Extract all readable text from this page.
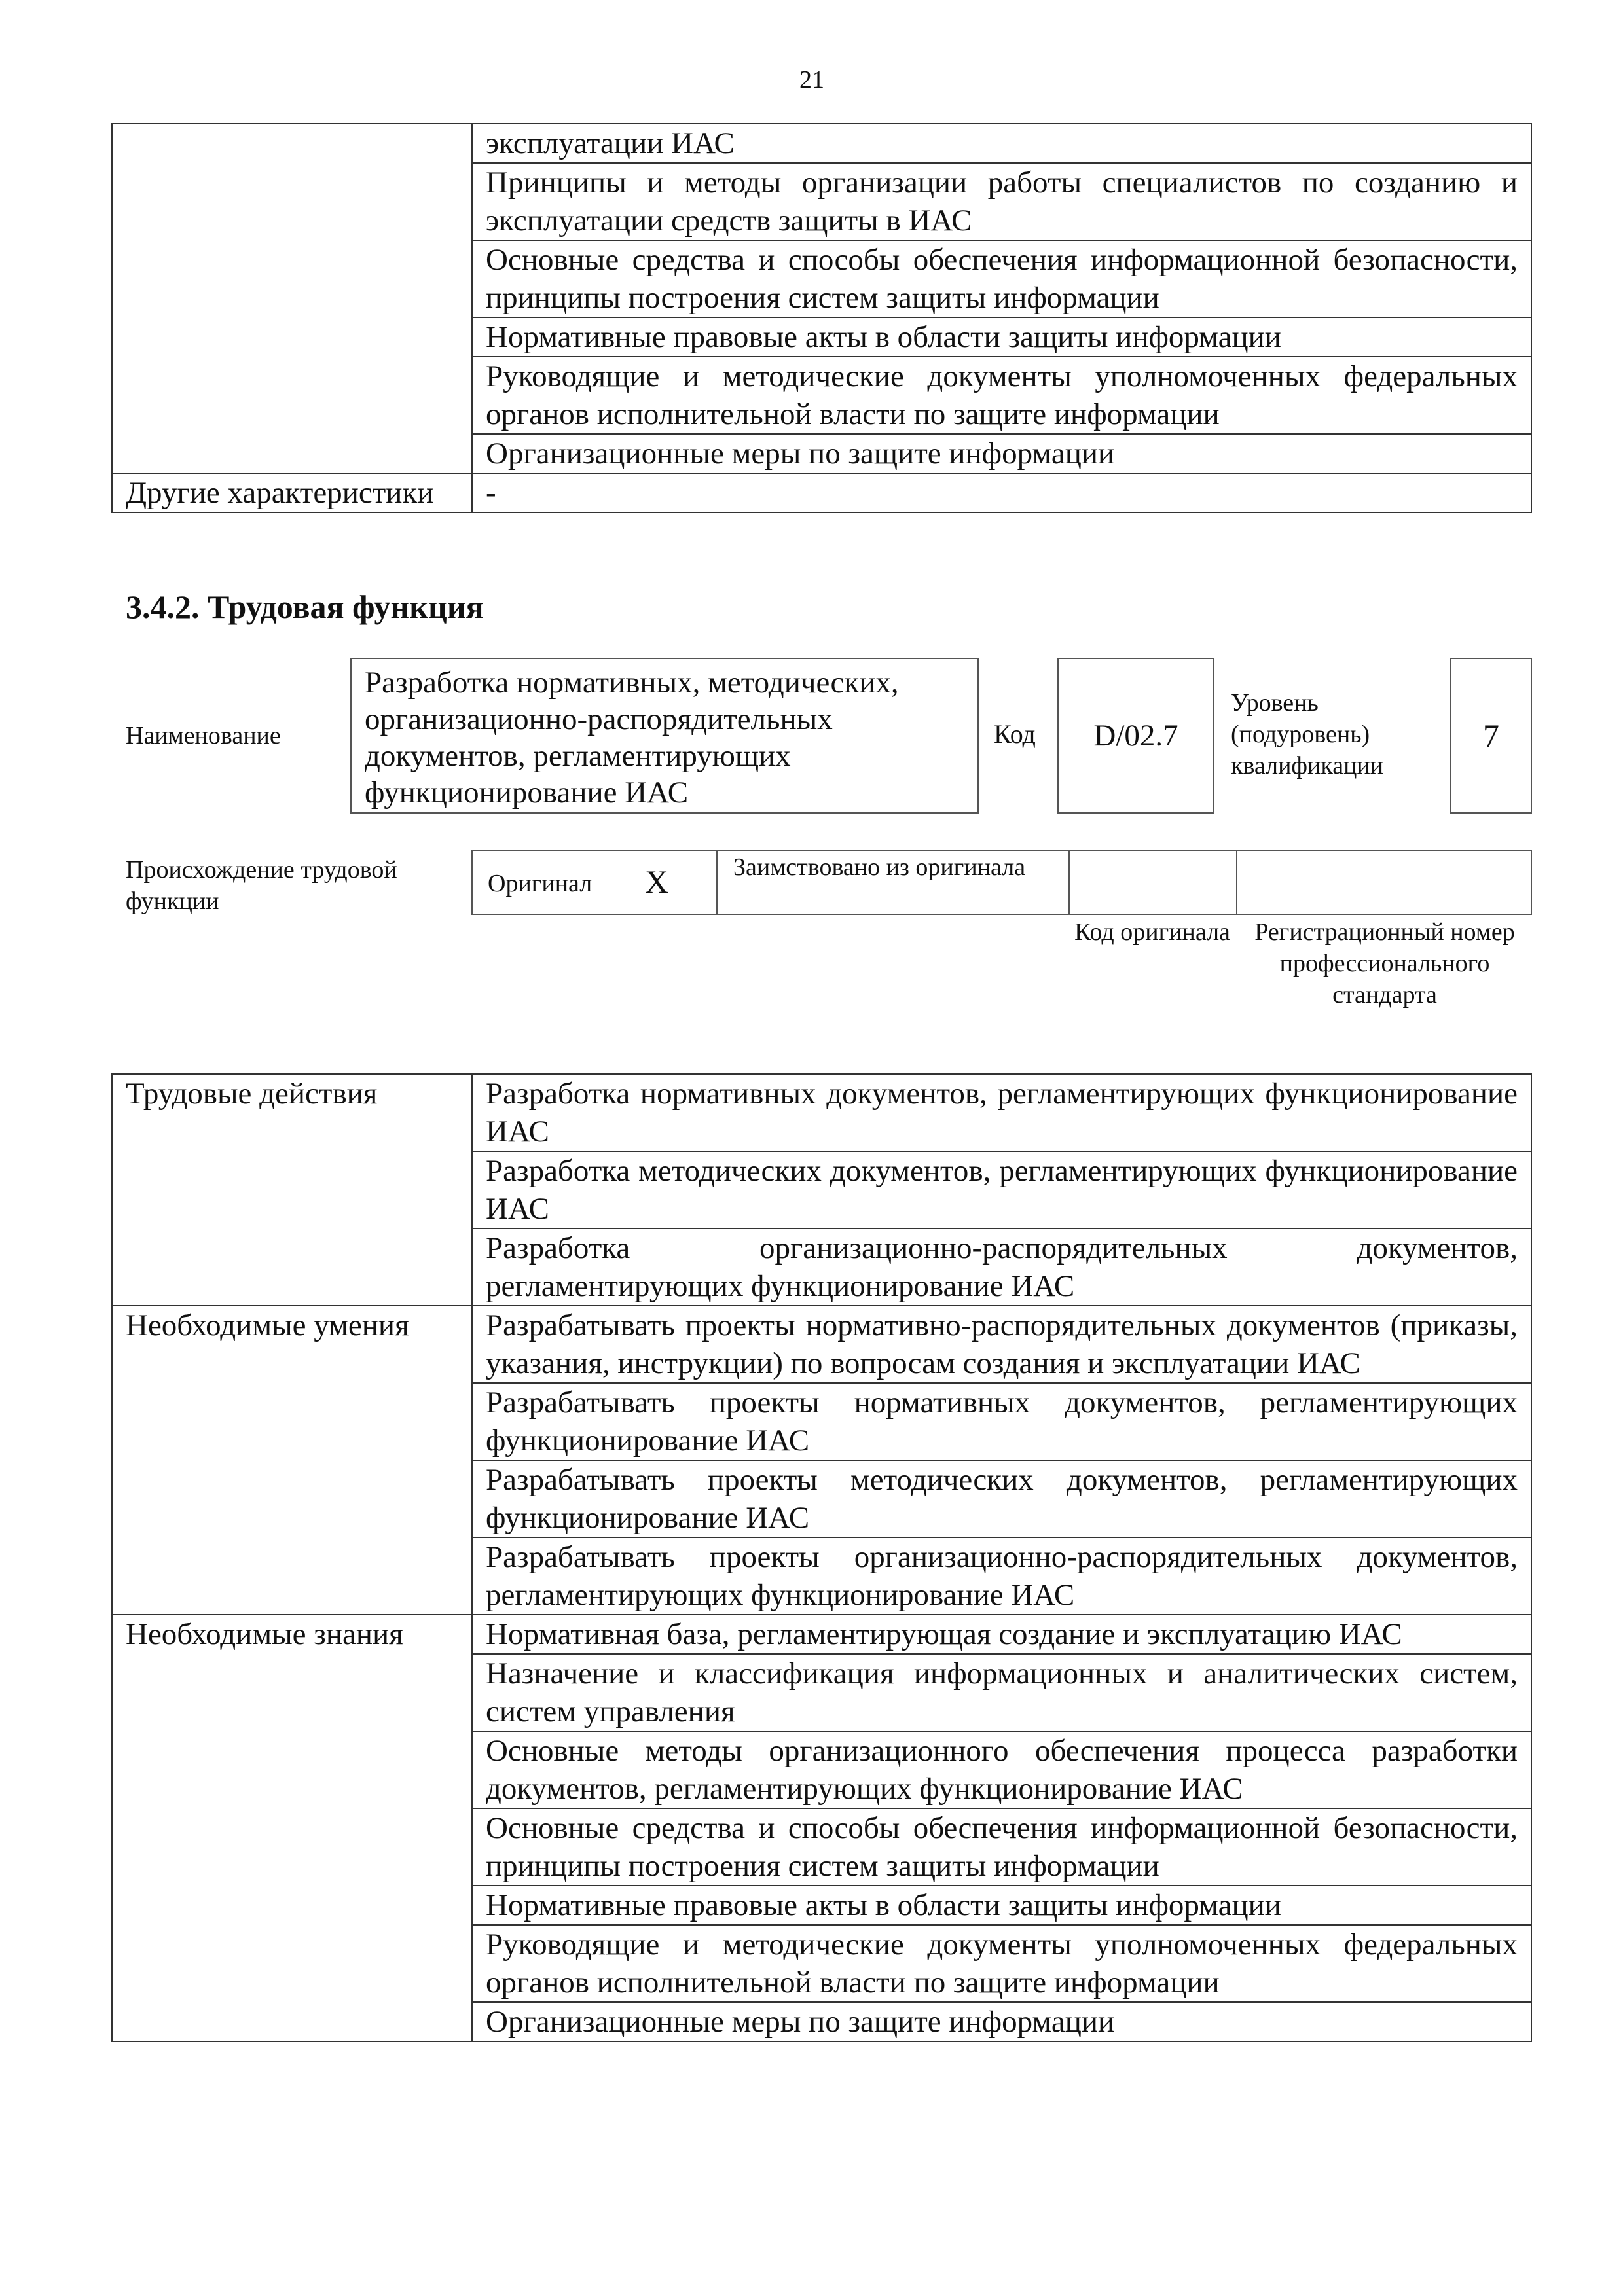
21
	эксплуатации ИАС
	Принципы и методы организации работы специалистов по созданию и эксплуатации средств защиты в ИАС
	Основные средства и способы обеспечения информационной безопасности, принципы построения систем защиты информации
	Нормативные правовые акты в области защиты информации
	Руководящие и методические документы уполномоченных федеральных органов исполнительной власти по защите информации
	Организационные меры по защите информации
Другие характеристики	-
3.4.2. Трудовая функция
Наименование
Разработка нормативных, методических, организационно-распорядительных документов, регламентирующих функционирование ИАС
Код	D/02.7
Уровень (подуровень) квалификации
7
Происхождение трудовой функции
Оригинал X	Заимствовано из оригинала
Код оригинала Регистрационный номер профессионального стандарта
Трудовые действия	Разработка нормативных документов, регламентирующих функционирование ИАС
	Разработка методических документов, регламентирующих функционирование ИАС
	Разработка организационно-распорядительных документов, регламентирующих функционирование ИАС
Необходимые умения	Разрабатывать проекты нормативно-распорядительных документов (приказы, указания, инструкции) по вопросам создания и эксплуатации ИАС
	Разрабатывать проекты нормативных документов, регламентирующих функционирование ИАС
	Разрабатывать проекты методических документов, регламентирующих функционирование ИАС
	Разрабатывать проекты организационно-распорядительных документов, регламентирующих функционирование ИАС
Необходимые знания	Нормативная база, регламентирующая создание и эксплуатацию ИАС
	Назначение и классификация информационных и аналитических систем, систем управления
	Основные методы организационного обеспечения процесса разработки документов, регламентирующих функционирование ИАС
	Основные средства и способы обеспечения информационной безопасности, принципы построения систем защиты информации
	Нормативные правовые акты в области защиты информации
	Руководящие и методические документы уполномоченных федеральных органов исполнительной власти по защите информации
	Организационные меры по защите информации
